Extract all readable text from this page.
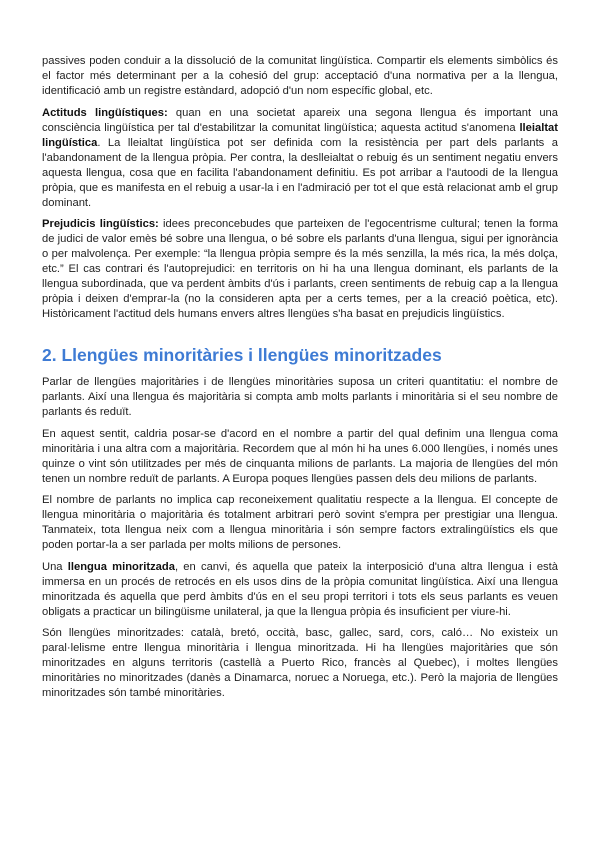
passives poden conduir a la dissolució de la comunitat lingüística. Compartir els elements simbòlics és el factor més determinant per a la cohesió del grup: acceptació d'una normativa per a la llengua, identificació amb un registre estàndard, adopció d'un nom específic global, etc.

Actituds lingüístiques: quan en una societat apareix una segona llengua és important una consciència lingüística per tal d'estabilitzar la comunitat lingüística; aquesta actitud s'anomena lleialtat lingüística. La lleialtat lingüística pot ser definida com la resistència per part dels parlants a l'abandonament de la llengua pròpia. Per contra, la deslleialtat o rebuig és un sentiment negatiu envers aquesta llengua, cosa que en facilita l'abandonament definitiu. Es pot arribar a l'autoodi de la llengua pròpia, que es manifesta en el rebuig a usar-la i en l'admiració per tot el que està relacionat amb el grup dominant.

Prejudicis lingüístics: idees preconcebudes que parteixen de l'egocentrisme cultural; tenen la forma de judici de valor emès bé sobre una llengua, o bé sobre els parlants d'una llengua, sigui per ignorància o per malvolença. Per exemple: “la llengua pròpia sempre és la més senzilla, la més rica, la més dolça, etc.” El cas contrari és l'autoprejudici: en territoris on hi ha una llengua dominant, els parlants de la llengua subordinada, que va perdent àmbits d'ús i parlants, creen sentiments de rebuig cap a la llengua pròpia i deixen d'emprar-la (no la consideren apta per a certs temes, per a la creació poètica, etc). Històricament l'actitud dels humans envers altres llengües s'ha basat en prejudicis lingüístics.

2. Llengües minoritàries i llengües minoritzades

Parlar de llengües majoritàries i de llengües minoritàries suposa un criteri quantitatiu: el nombre de parlants. Així una llengua és majoritària si compta amb molts parlants i minoritària si el seu nombre de parlants és reduït.

En aquest sentit, caldria posar-se d'acord en el nombre a partir del qual definim una llengua coma minoritària i una altra com a majoritària. Recordem que al món hi ha unes 6.000 llengües, i només unes quinze o vint són utilitzades per més de cinquanta milions de parlants. La majoria de llengües del món tenen un nombre reduït de parlants. A Europa poques llengües passen dels deu milions de parlants.

El nombre de parlants no implica cap reconeixement qualitatiu respecte a la llengua. El concepte de llengua minoritària o majoritària és totalment arbitrari però sovint s'empra per prestigiar una llengua. Tanmateix, tota llengua neix com a llengua minoritària i són sempre factors extralingüístics els que poden portar-la a ser parlada per molts milions de persones.

Una llengua minoritzada, en canvi, és aquella que pateix la interposició d'una altra llengua i està immersa en un procés de retrocés en els usos dins de la pròpia comunitat lingüística. Així una llengua minoritzada és aquella que perd àmbits d'ús en el seu propi territori i tots els seus parlants es veuen obligats a practicar un bilingüisme unilateral, ja que la llengua pròpia és insuficient per viure-hi.

Són llengües minoritzades: català, bretó, occità, basc, gallec, sard, cors, caló… No existeix un paral·lelisme entre llengua minoritària i llengua minoritzada. Hi ha llengües majoritàries que són minoritzades en alguns territoris (castellà a Puerto Rico, francès al Quebec), i moltes llengües minoritàries no minoritzades (danès a Dinamarca, noruec a Noruega, etc.). Però la majoria de llengües minoritzades són també minoritàries.
